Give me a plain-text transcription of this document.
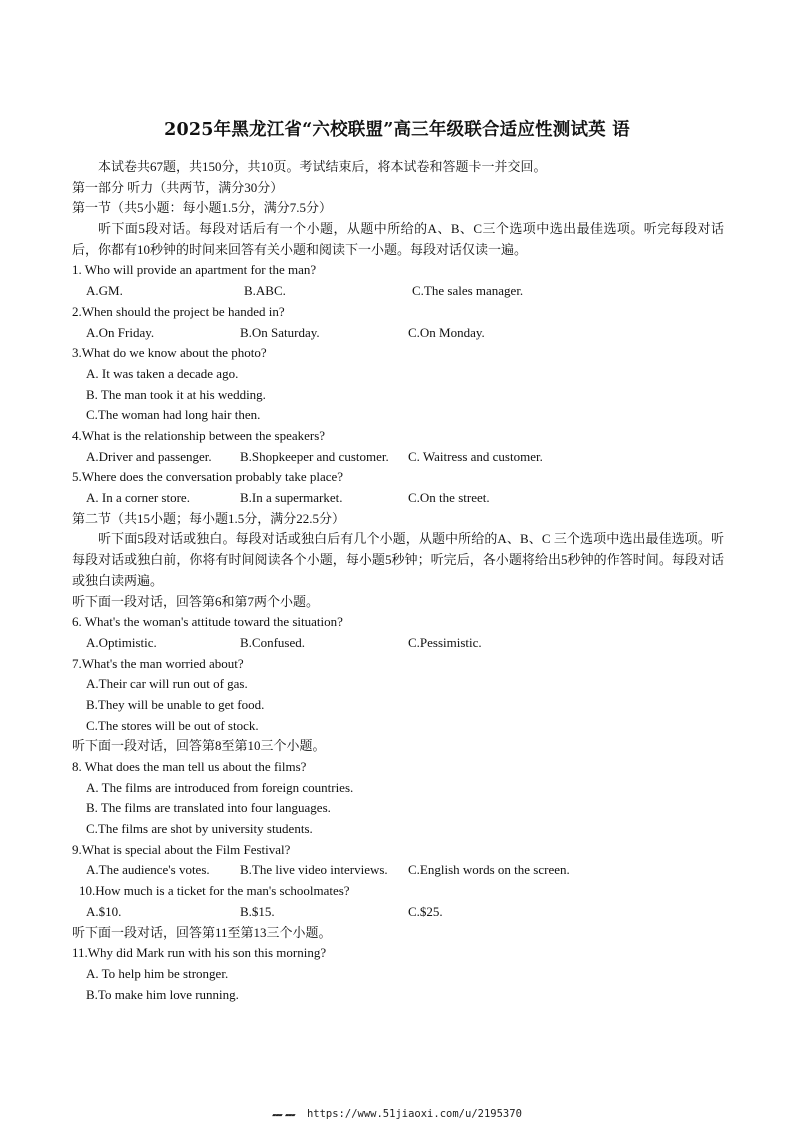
2025年黑龙江省“六校联盟”高三年级联合适应性测试英 语
本试卷共67题，共150分，共10页。考试结束后，将本试卷和答题卡一并交回。
第一部分 听力（共两节，满分30分）
第一节（共5小题：每小题1.5分，满分7.5分）
听下面5段对话。每段对话后有一个小题，从题中所给的A、B、C三个选项中选出最佳选项。听完每段对话后，你都有10秒钟的时间来回答有关小题和阅读下一小题。每段对话仅读一遍。
1. Who will provide an apartment for the man?
A.GM.	B.ABC.	C.The sales manager.
2.When should the project be handed in?
A.On Friday.	B.On Saturday.	C.On Monday.
3.What do we know about the photo?
A. It was taken a decade ago.
B. The man took it at his wedding.
C.The woman had long hair then.
4.What is the relationship between the speakers?
A.Driver and passenger.	B.Shopkeeper and customer.	C. Waitress and customer.
5.Where does the conversation probably take place?
A. In a corner store.	B.In a supermarket.	C.On the street.
第二节（共15小题；每小题1.5分，满分22.5分）
听下面5段对话或独白。每段对话或独白后有几个小题，从题中所给的A、B、C 三个选项中选出最佳选项。听每段对话或独白前，你将有时间阅读各个小题，每小题5秒钟；听完后，各小题将给出5秒钟的作答时间。每段对话或独白读两遍。
听下面一段对话，回答第6和第7两个小题。
6. What's the woman's attitude toward the situation?
A.Optimistic.	B.Confused.	C.Pessimistic.
7.What's the man worried about?
A.Their car will run out of gas.
B.They will be unable to get food.
C.The stores will be out of stock.
听下面一段对话，回答第8至第10三个小题。
8. What does the man tell us about the films?
A. The films are introduced from foreign countries.
B. The films are translated into four languages.
C.The films are shot by university students.
9.What is special about the Film Festival?
A.The audience's votes.	B.The live video interviews.	C.English words on the screen.
10.How much is a ticket for the man's schoolmates?
A.$10.	B.$15.	C.$25.
听下面一段对话，回答第11至第13三个小题。
11.Why did Mark run with his son this morning?
A. To help him be stronger.
B.To make him love running.
▰▰▰ ▰▰▰ https://www.51jiaoxi.com/u/2195370
